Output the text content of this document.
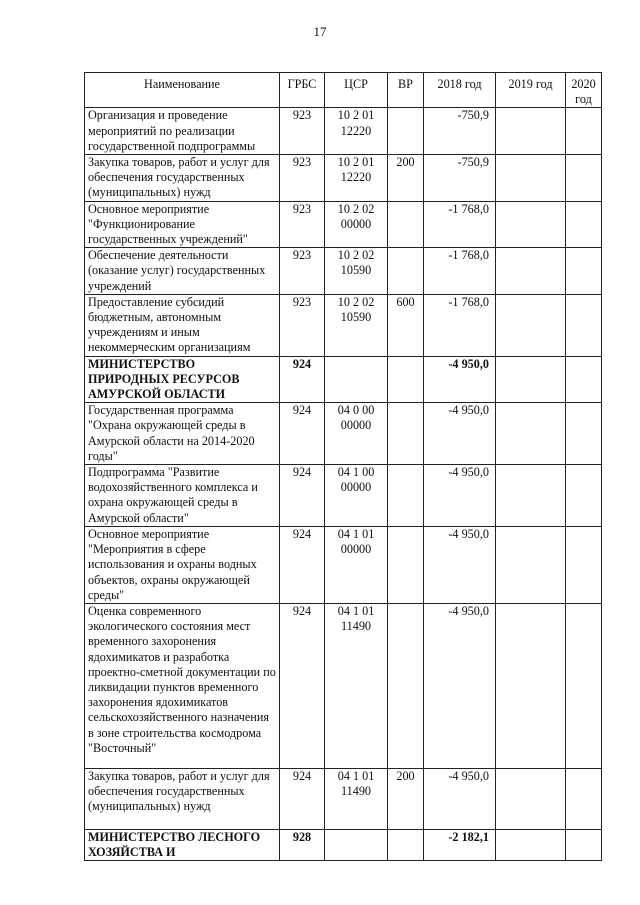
17
Наименование	ГРБС	ЦСР	ВР	2018 год	2019 год	2020 год
Организация и проведение мероприятий по реализации государственной подпрограммы	923	10 2 01 12220		-750,9		
Закупка товаров, работ и услуг для обеспечения государственных (муниципальных) нужд	923	10 2 01 12220	200	-750,9		
Основное мероприятие "Функционирование государственных учреждений"	923	10 2 02 00000		-1 768,0		
Обеспечение деятельности (оказание услуг) государственных учреждений	923	10 2 02 10590		-1 768,0		
Предоставление субсидий бюджетным, автономным учреждениям и иным некоммерческим организациям	923	10 2 02 10590	600	-1 768,0		
МИНИСТЕРСТВО ПРИРОДНЫХ РЕСУРСОВ АМУРСКОЙ ОБЛАСТИ	924			-4 950,0		
Государственная программа "Охрана окружающей среды в Амурской области на 2014-2020 годы"	924	04 0 00 00000		-4 950,0		
Подпрограмма "Развитие водохозяйственного комплекса и охрана окружающей среды в Амурской области"	924	04 1 00 00000		-4 950,0		
Основное мероприятие "Мероприятия в сфере использования и охраны водных объектов, охраны окружающей среды"	924	04 1 01 00000		-4 950,0		
Оценка современного экологического состояния мест временного захоронения ядохимикатов и разработка проектно-сметной документации по ликвидации пунктов временного захоронения ядохимикатов сельскохозяйственного назначения в зоне строительства космодрома "Восточный"	924	04 1 01 11490		-4 950,0		
Закупка товаров, работ и услуг для обеспечения государственных (муниципальных) нужд	924	04 1 01 11490	200	-4 950,0		
МИНИСТЕРСТВО ЛЕСНОГО ХОЗЯЙСТВА И	928			-2 182,1		
